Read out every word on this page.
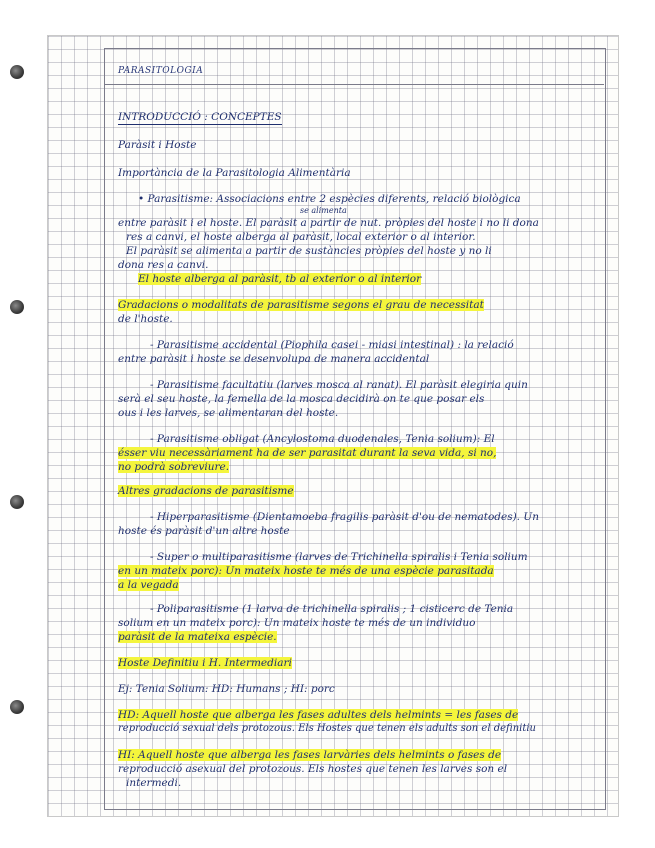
PARASITOLOGIA
INTRODUCCIÓ : CONCEPTES
Paràsit i Hoste
Importància de la Parasitologia Alimentària
• Parasitisme: Associacions entre 2 espècies diferents, relació biològica
se alimenta
entre paràsit i el hoste. El paràsit a partir de nut. pròpies del hoste i no li dona
res a canvi, el hoste alberga al paràsit, local exterior o al interior.
El paràsit se alimenta a partir de sustàncies pròpies del hoste y no li
dona res a canvi.
El hoste alberga al paràsit, tb al exterior o al interior
Gradacions o modalitats de parasitisme segons el grau de necessitat
de l'hoste.
- Parasitisme accidental (Piophila casei - miasi intestinal) : la relació
entre paràsit i hoste se desenvolupa de manera accidental
- Parasitisme facultatiu (larves mosca al ranat). El paràsit elegiria quin
serà el seu hoste, la femella de la mosca decidirà on te que posar els
ous i les larves, se alimentaran del hoste.
- Parasitisme obligat (Ancylostoma duodenales, Tenia solium): El
ésser viu necessàriament ha de ser parasitat durant la seva vida, si no,
no podrà sobreviure.
Altres gradacions de parasitisme
- Hiperparasitisme (Dientamoeba fragilis paràsit d'ou de nematodes). Un
hoste és paràsit d'un altre hoste
- Super o multiparasitisme (larves de Trichinella spiralis i Tenia solium
en un mateix porc): Un mateix hoste te més de una espècie parasitada
a la vegada
- Poliparasitisme (1 larva de trichinella spiralis ; 1 cisticerc de Tenia
solium en un mateix porc): Un mateix hoste te més de un individuo
paràsit de la mateixa espècie.
Hoste Definitiu i H. Intermediari
Ej: Tenia Solium: HD: Humans ; HI: porc
HD: Aquell hoste que alberga les fases adultes dels helmints = les fases de
reproducció sexual dels protozous. Els Hostes que tenen els adults son el definitiu
HI: Aquell hoste que alberga les fases larvàries dels helmints o fases de
reproducció asexual del protozous. Els hostes que tenen les larves son el
intermedi.
